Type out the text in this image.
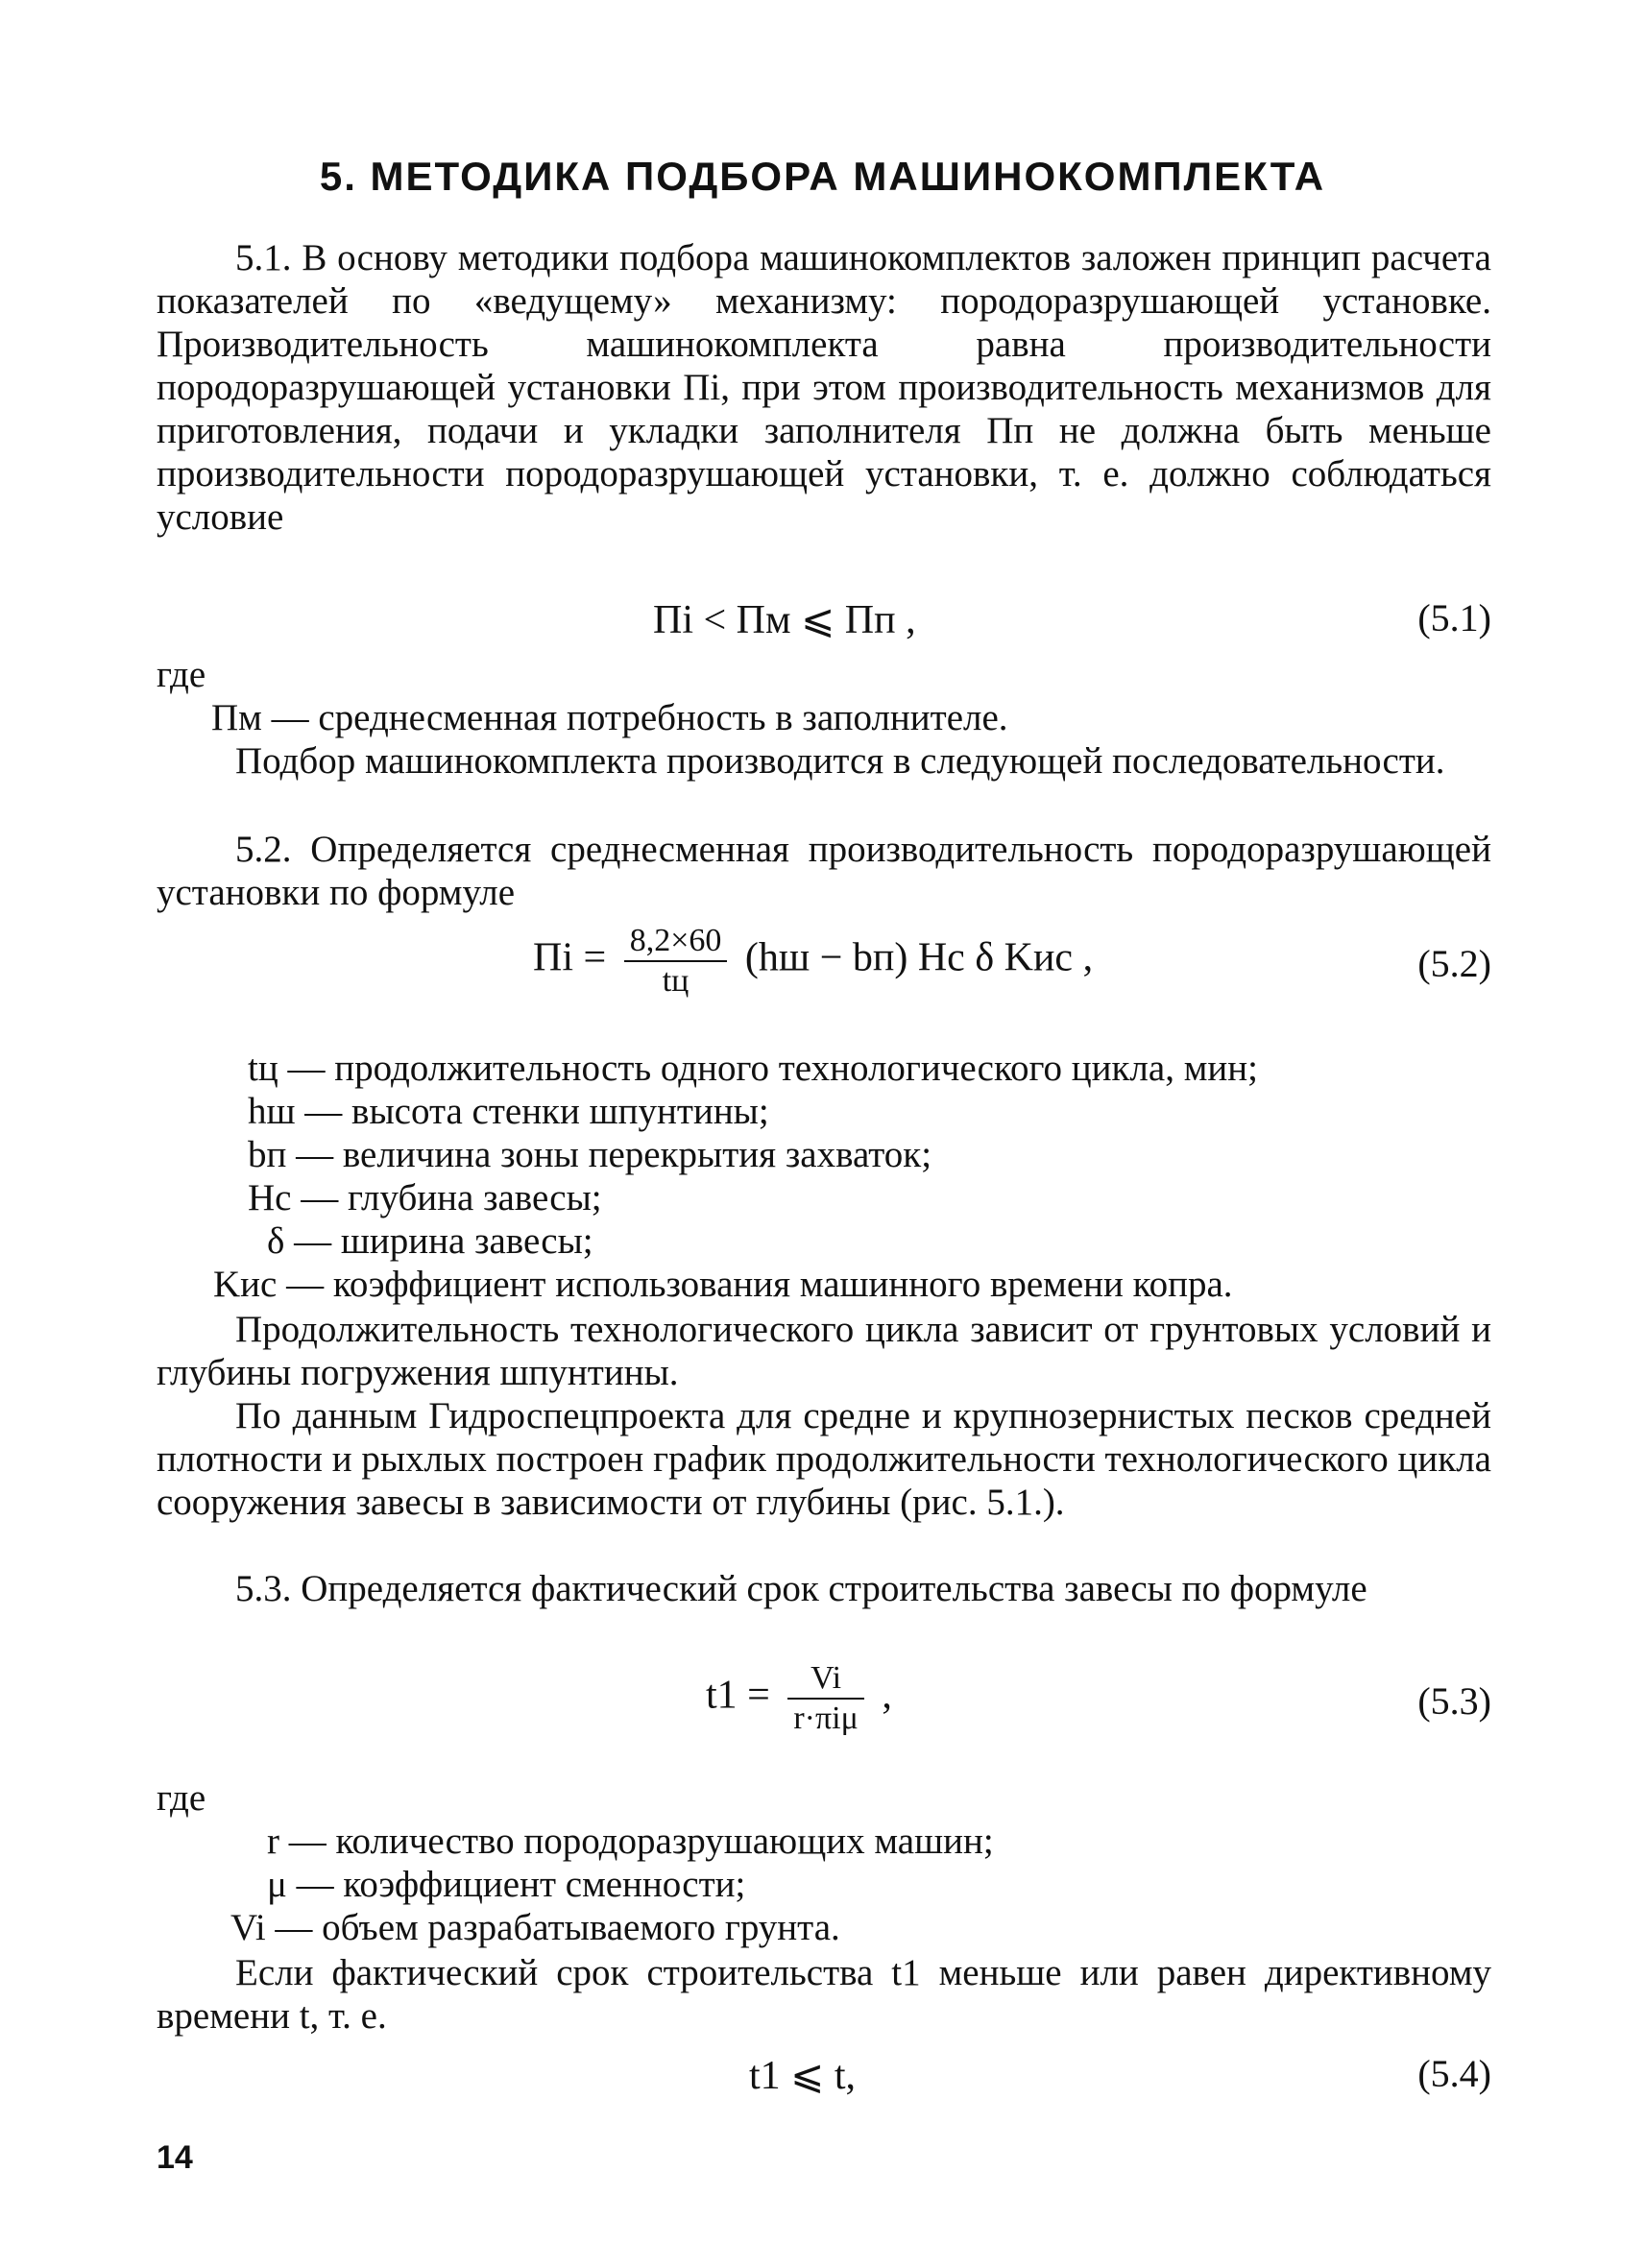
5. МЕТОДИКА ПОДБОРА МАШИНОКОМПЛЕКТА
5.1. В основу методики подбора машинокомплектов заложен принцип расчета показателей по «ведущему» механизму: породоразрушающей установке. Производительность машинокомплекта равна производительности породоразрушающей установки Пi, при этом производительность механизмов для приготовления, подачи и укладки заполнителя Пп не должна быть меньше производительности породоразрушающей установки, т. е. должно соблюдаться условие
Пi < Пм ⩽ Пп ,	(5.1)
где
Пм — среднесменная потребность в заполнителе.
Подбор машинокомплекта производится в следующей последовательности.
5.2. Определяется среднесменная производительность породоразрушающей установки по формуле
Пi = $\frac{8,2\times 60}{tц} (hш - bп)$ Hс δ Kис ,	(5.2)
tц — продолжительность одного технологического цикла, мин;
hш — высота стенки шпунтины;
bп — величина зоны перекрытия захваток;
Hс — глубина завесы;
δ — ширина завесы;
Kис — коэффициент использования машинного времени копра.
Продолжительность технологического цикла зависит от грунтовых условий и глубины погружения шпунтины.
По данным Гидроспецпроекта для средне и крупнозернистых песков средней плотности и рыхлых построен график продолжительности технологического цикла сооружения завесы в зависимости от глубины (рис. 5.1.).
5.3. Определяется фактический срок строительства завесы по формуле
$t1 = \frac{Vi}{\text{r·πiμ}}$ ,	(5.3)
где
r — количество породоразрушающих машин;
μ — коэффициент сменности;
Vi — объем разрабатываемого грунта.
Если фактический срок строительства t1 меньше или равен директивному времени t, т. е.
t1 ⩽ t,	(5.4)
14
